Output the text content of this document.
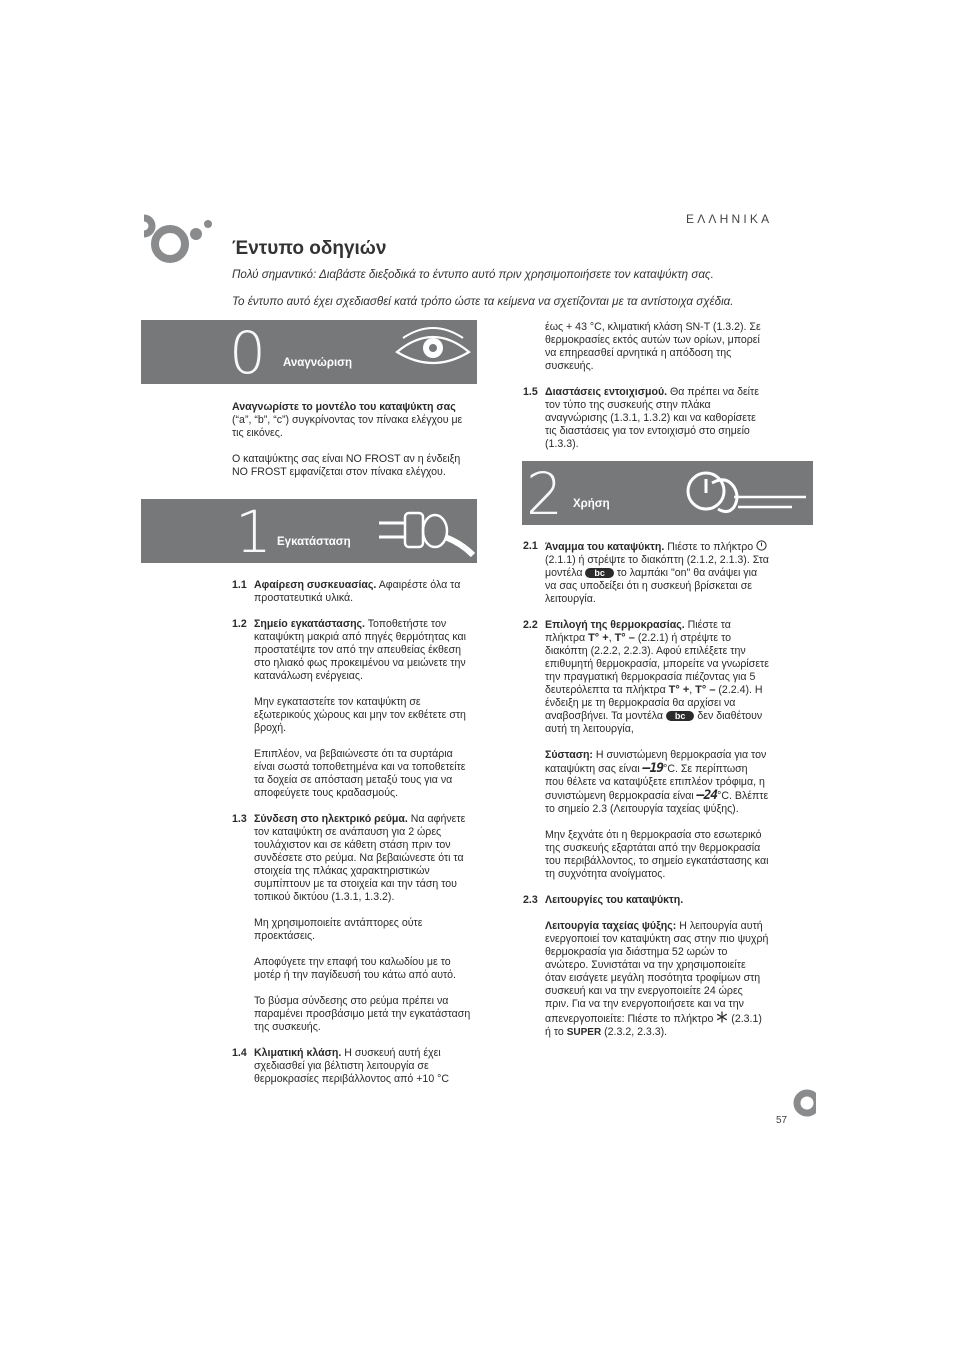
ΕΛΛΗΝΙΚΑ
Έντυπο οδηγιών
Πολύ σημαντικό: Διαβάστε διεξοδικά το έντυπο αυτό πριν χρησιμοποιήσετε τον καταψύκτη σας.
Το έντυπο αυτό έχει σχεδιασθεί κατά τρόπο ώστε τα κείμενα να σχετίζονται με τα αντίστοιχα σχέδια.
0 Αναγνώριση

Αναγνωρίστε το μοντέλο του καταψύκτη σας (“a”, “b”, “c”) συγκρίνοντας τον πίνακα ελέγχου με τις εικόνες.

Ο καταψύκτης σας είναι NO FROST αν η ένδειξη NO FROST εμφανίζεται στον πίνακα ελέγχου.

1 Εγκατάσταση
1.1 Αφαίρεση συσκευασίας. Αφαιρέστε όλα τα προστατευτικά υλικά.

1.2 Σημείο εγκατάστασης. Τοποθετήστε τον καταψύκτη μακριά από πηγές θερμότητας και προστατέψτε τον από την απευθείας έκθεση στο ηλιακό φως προκειμένου να μειώνετε την κατανάλωση ενέργειας.

Μην εγκαταστείτε τον καταψύκτη σε εξωτερικούς χώρους και μην τον εκθέτετε στη βροχή.

Επιπλέον, να βεβαιώνεστε ότι τα συρτάρια είναι σωστά τοποθετημένα και να τοποθετείτε τα δοχεία σε απόσταση μεταξύ τους για να αποφεύγετε τους κραδασμούς.

1.3 Σύνδεση στο ηλεκτρικό ρεύμα. Να αφήνετε τον καταψύκτη σε ανάπαυση για 2 ώρες τουλάχιστον και σε κάθετη στάση πριν τον συνδέσετε στο ρεύμα. Να βεβαιώνεστε ότι τα στοιχεία της πλάκας χαρακτηριστικών συμπίπτουν με τα στοιχεία και την τάση του τοπικού δικτύου (1.3.1, 1.3.2).

Μη χρησιμοποιείτε αντάπτορες ούτε προεκτάσεις.

Αποφύγετε την επαφή του καλωδίου με το μοτέρ ή την παγίδευσή του κάτω από αυτό.

Το βύσμα σύνδεσης στο ρεύμα πρέπει να παραμένει προσβάσιμο μετά την εγκατάσταση της συσκευής.

1.4 Κλιματική κλάση. Η συσκευή αυτή έχει σχεδιασθεί για βέλτιστη λειτουργία σε θερμοκρασίες περιβάλλοντος από +10 °C

έως + 43 °C, κλιματική κλάση SN-T (1.3.2). Σε θερμοκρασίες εκτός αυτών των ορίων, μπορεί να επηρεασθεί αρνητικά η απόδοση της συσκευής.

1.5 Διαστάσεις εντοιχισμού. Θα πρέπει να δείτε τον τύπο της συσκευής στην πλάκα αναγνώρισης (1.3.1, 1.3.2) και να καθορίσετε τις διαστάσεις για τον εντοιχισμό στο σημείο (1.3.3).

2 Χρήση
2.1 Άναμμα του καταψύκτη. Πιέστε το πλήκτρο  (2.1.1) ή στρέψτε το διακόπτη (2.1.2, 2.1.3). Στα μοντέλα bc το λαμπάκι "on" θα ανάψει για να σας υποδείξει ότι η συσκευή βρίσκεται σε λειτουργία.

2.2 Επιλογή της θερμοκρασίας. Πιέστε τα πλήκτρα T° +, T° – (2.2.1) ή στρέψτε το διακόπτη (2.2.2, 2.2.3). Αφού επιλέξετε την επιθυμητή θερμοκρασία, μπορείτε να γνωρίσετε την πραγματική θερμοκρασία πιέζοντας για 5 δευτερόλεπτα τα πλήκτρα T° +, T° – (2.2.4). Η ένδειξη με τη θερμοκρασία θα αρχίσει να αναβοσβήνει. Τα μοντέλα bc δεν διαθέτουν αυτή τη λειτουργία,

Σύσταση: Η συνιστώμενη θερμοκρασία για τον καταψύκτη σας είναι –19°C. Σε περίπτωση που θέλετε να καταψύξετε επιπλέον τρόφιμα, η συνιστώμενη θερμοκρασία είναι –24°C. Βλέπτε το σημείο 2.3 (Λειτουργία ταχείας ψύξης).

Μην ξεχνάτε ότι η θερμοκρασία στο εσωτερικό της συσκευής εξαρτάται από την θερμοκρασία του περιβάλλοντος, το σημείο εγκατάστασης και τη συχνότητα ανοίγματος.

2.3 Λειτουργίες του καταψύκτη.

Λειτουργία ταχείας ψύξης: Η λειτουργία αυτή ενεργοποιεί τον καταψύκτη σας στην πιο ψυχρή θερμοκρασία για διάστημα 52 ωρών το ανώτερο. Συνιστάται να την χρησιμοποιείτε όταν εισάγετε μεγάλη ποσότητα τροφίμων στη συσκευή και να την ενεργοποιείτε 24 ώρες πριν. Για να την ενεργοποιήσετε και να την απενεργοποιείτε: Πιέστε το πλήκτρο  (2.3.1) ή το SUPER (2.3.2, 2.3.3).

57
